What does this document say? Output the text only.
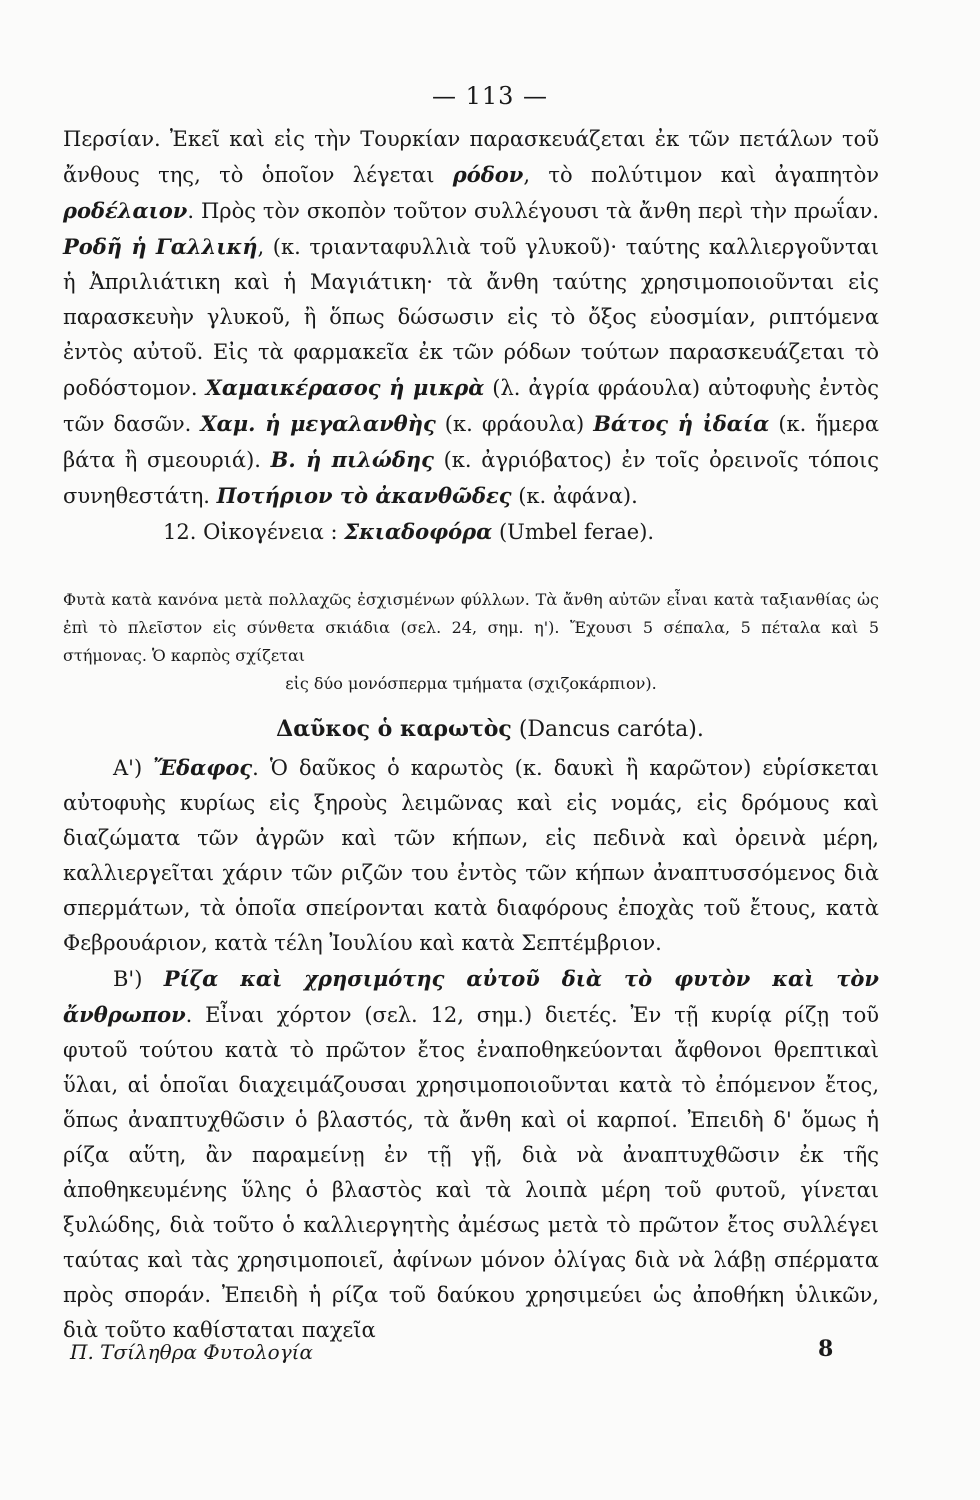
— 113 —
Περσίαν. Ἐκεῖ καὶ εἰς τὴν Τουρκίαν παρασκευάζεται ἐκ τῶν πετάλων τοῦ ἄνθους της, τὸ ὁποῖον λέγεται ρόδον, τὸ πολύτιμον καὶ ἀγαπητὸν ροδέλαιον. Πρὸς τὸν σκοπὸν τοῦτον συλλέγουσι τὰ ἄνθη περὶ τὴν πρωΐαν. Ροδῆ ἡ Γαλλική, (κ. τριανταφυλλιὰ τοῦ γλυκοῦ)· ταύτης καλλιεργοῦνται ἡ Ἀπριλιάτικη καὶ ἡ Μαγιάτικη· τὰ ἄνθη ταύτης χρησιμοποιοῦνται εἰς παρασκευὴν γλυκοῦ, ἢ ὅπως δώσωσιν εἰς τὸ ὄξος εὐοσμίαν, ριπτόμενα ἐντὸς αὐτοῦ. Εἰς τὰ φαρμακεῖα ἐκ τῶν ρόδων τούτων παρασκευάζεται τὸ ροδόστομον. Χαμαικέρασος ἡ μικρὰ (λ. ἀγρία φράουλα) αὐτοφυὴς ἐντὸς τῶν δασῶν. Χαμ. ἡ μεγαλανθὴς (κ. φράουλα) Βάτος ἡ ἰδαία (κ. ἥμερα βάτα ἢ σμεουριά). Β. ἡ πιλώδης (κ. ἀγριόβατος) ἐν τοῖς ὀρεινοῖς τόποις συνηθεστάτη. Ποτήριον τὸ ἀκανθῶδες (κ. ἀφάνα).
12. Οἰκογένεια : Σκιαδοφόρα (Umbel ferae).
Φυτὰ κατὰ κανόνα μετὰ πολλαχῶς ἐσχισμένων φύλλων. Τὰ ἄνθη αὐτῶν εἶναι κατὰ ταξιανθίας ὡς ἐπὶ τὸ πλεῖστον εἰς σύνθετα σκιάδια (σελ. 24, σημ. η'). Ἔχουσι 5 σέπαλα, 5 πέταλα καὶ 5 στήμονας. Ὁ καρπὸς σχίζεται
εἰς δύο μονόσπερμα τμήματα (σχιζοκάρπιον).
Δαῦκος ὁ καρωτὸς (Dancus caróta).
Α') Ἔδαφος. Ὁ δαῦκος ὁ καρωτὸς (κ. δαυκὶ ἢ καρῶτον) εὑρίσκεται αὐτοφυὴς κυρίως εἰς ξηροὺς λειμῶνας καὶ εἰς νομάς, εἰς δρόμους καὶ διαζώματα τῶν ἀγρῶν καὶ τῶν κήπων, εἰς πεδινὰ καὶ ὀρεινὰ μέρη, καλλιεργεῖται χάριν τῶν ριζῶν του ἐντὸς τῶν κήπων ἀναπτυσσόμενος διὰ σπερμάτων, τὰ ὁποῖα σπείρονται κατὰ διαφόρους ἐποχὰς τοῦ ἔτους, κατὰ Φεβρουάριον, κατὰ τέλη Ἰουλίου καὶ κατὰ Σεπτέμβριον.
Β') Ρίζα καὶ χρησιμότης αὐτοῦ διὰ τὸ φυτὸν καὶ τὸν ἄνθρωπον. Εἶναι χόρτον (σελ. 12, σημ.) διετές. Ἐν τῇ κυρίᾳ ρίζῃ τοῦ φυτοῦ τούτου κατὰ τὸ πρῶτον ἔτος ἐναποθηκεύονται ἄφθονοι θρεπτικαὶ ὕλαι, αἱ ὁποῖαι διαχειμάζουσαι χρησιμοποιοῦνται κατὰ τὸ ἐπόμενον ἔτος, ὅπως ἀναπτυχθῶσιν ὁ βλαστός, τὰ ἄνθη καὶ οἱ καρποί. Ἐπειδὴ δ' ὅμως ἡ ρίζα αὕτη, ἂν παραμείνῃ ἐν τῇ γῇ, διὰ νὰ ἀναπτυχθῶσιν ἐκ τῆς ἀποθηκευμένης ὕλης ὁ βλαστὸς καὶ τὰ λοιπὰ μέρη τοῦ φυτοῦ, γίνεται ξυλώδης, διὰ τοῦτο ὁ καλλιεργητὴς ἀμέσως μετὰ τὸ πρῶτον ἔτος συλλέγει ταύτας καὶ τὰς χρησιμοποιεῖ, ἀφίνων μόνον ὀλίγας διὰ νὰ λάβῃ σπέρματα πρὸς σποράν. Ἐπειδὴ ἡ ρίζα τοῦ δαύκου χρησιμεύει ὡς ἀποθήκη ὑλικῶν, διὰ τοῦτο καθίσταται παχεῖα
Π. Τσίληθρα Φυτολογία	8
